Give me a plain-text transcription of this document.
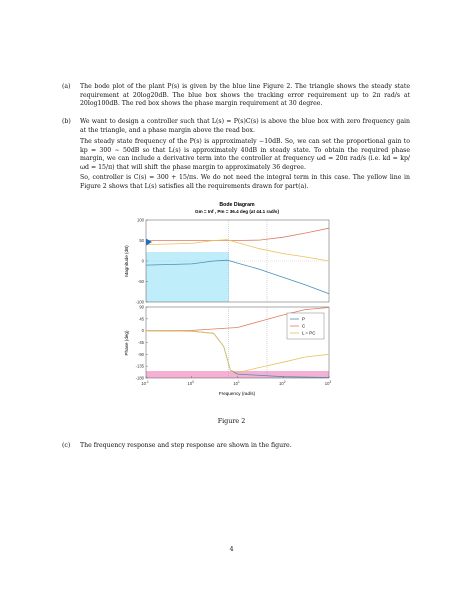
(a) The bode plot of the plant P(s) is given by the blue line Figure 2. The triangle shows the steady state requirement at 20log20dB. The blue box shows the tracking error requirement up to 2π rad/s at 20log100dB. The red box shows the phase margin requirement at 30 degree.
(b) We want to design a controller such that L(s) = P(s)C(s) is above the blue box with zero frequency gain at the triangle, and a phase margin above the read box.
The steady state frequency of the P(s) is approximately −10dB. So, we can set the proportional gain to kp = 300 ∼ 50dB so that L(s) is approximately 40dB in steady state. To obtain the required phase margin, we can include a derivative term into the controller at frequency ωd = 20π rad/s (i.e. kd = kp/ωd = 15/π) that will shift the phase margin to approximately 36 degree.
So, controller is C(s) = 300 + 15/πs. We do not need the integral term in this case. The yellow line in Figure 2 shows that L(s) satisfies all the requirements drawn for part(a).
Bode Diagram
Gm = Inf , Pm = 36.4 deg (at 44.1 rad/s)
100
50
0
-50
-100
Magnitude (dB)
90
45
0
-45
-90
-135
-180
Phase (deg)
P
C
L = PC
$10^{-1}$	$10^0$	$10^1$	$10^2$	$10^3$
Frequency (rad/s)
Figure 2
(c) The frequency response and step response are shown in the figure.
4
